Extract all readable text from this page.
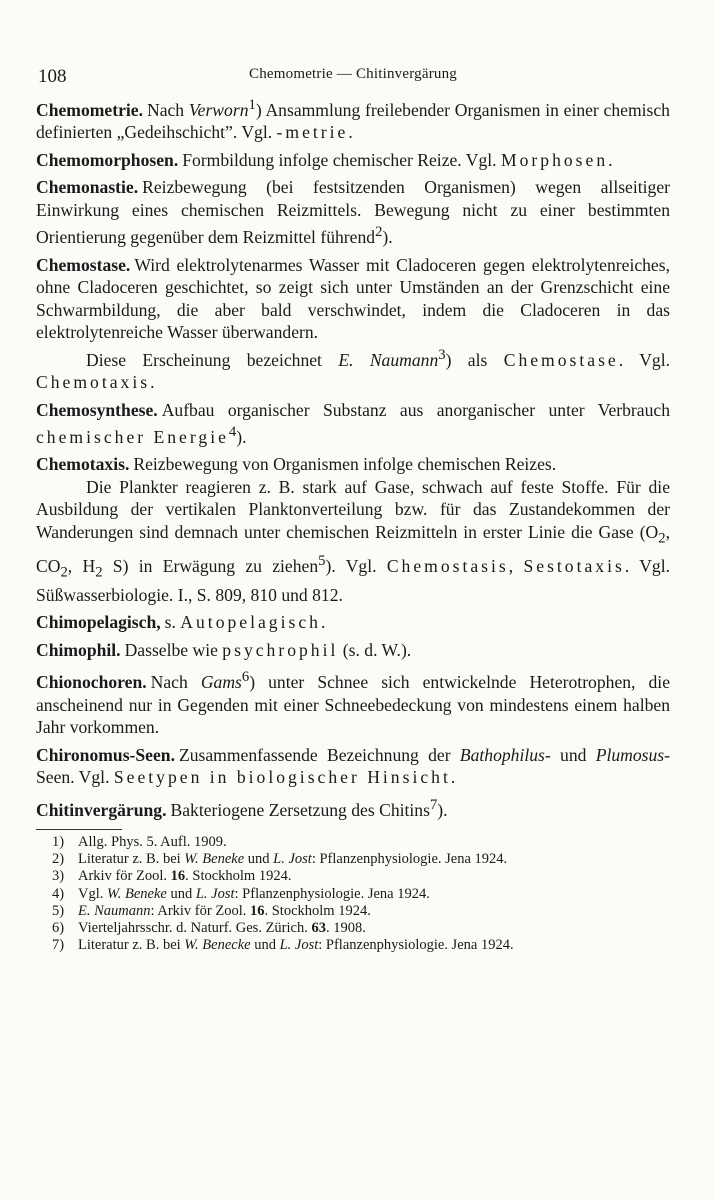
108	Chemometrie — Chitinvergärung

Chemometrie. Nach Verworn$^1$) Ansammlung freilebender Organismen in einer chemisch definierten „Gedeihschicht”. Vgl. -metrie.

Chemomorphosen. Formbildung infolge chemischer Reize. Vgl. Morphosen.

Chemonastie. Reizbewegung (bei festsitzenden Organismen) wegen allseitiger Einwirkung eines chemischen Reizmittels. Bewegung nicht zu einer bestimmten Orientierung gegenüber dem Reizmittel führend$^2$).

Chemostase. Wird elektrolytenarmes Wasser mit Cladoceren gegen elektrolytenreiches, ohne Cladoceren geschichtet, so zeigt sich unter Umständen an der Grenzschicht eine Schwarmbildung, die aber bald verschwindet, indem die Cladoceren in das elektrolytenreiche Wasser überwandern.

Diese Erscheinung bezeichnet E. Naumann$^3$) als Chemostase. Vgl. Chemotaxis.

Chemosynthese. Aufbau organischer Substanz aus anorganischer unter Verbrauch chemischer Energie$^4$).

Chemotaxis. Reizbewegung von Organismen infolge chemischen Reizes.

Die Plankter reagieren z. B. stark auf Gase, schwach auf feste Stoffe. Für die Ausbildung der vertikalen Planktonverteilung bzw. für das Zustandekommen der Wanderungen sind demnach unter chemischen Reizmitteln in erster Linie die Gase ($O_2$, $CO_2$, $H_2$ S) in Erwägung zu ziehen$^5$). Vgl. Chemostasis, Sestotaxis. Vgl. Süßwasserbiologie. I., S. 809, 810 und 812.

Chimopelagisch, s. Autopelagisch.

Chimophil. Dasselbe wie psychrophil (s. d. W.).

Chionochoren. Nach Gams$^6$) unter Schnee sich entwickelnde Heterotrophen, die anscheinend nur in Gegenden mit einer Schneebedeckung von mindestens einem halben Jahr vorkommen.

Chironomus-Seen. Zusammenfassende Bezeichnung der Bathophilus- und Plumosus-Seen. Vgl. Seetypen in biologischer Hinsicht.

Chitinvergärung. Bakteriogene Zersetzung des Chitins$^7$).

1) Allg. Phys. 5. Aufl. 1909.
2) Literatur z. B. bei W. Beneke und L. Jost: Pflanzenphysiologie. Jena 1924.
3) Arkiv för Zool. 16. Stockholm 1924.
4) Vgl. W. Beneke und L. Jost: Pflanzenphysiologie. Jena 1924.
5) E. Naumann: Arkiv för Zool. 16. Stockholm 1924.
6) Vierteljahrsschr. d. Naturf. Ges. Zürich. 63. 1908.
7) Literatur z. B. bei W. Benecke und L. Jost: Pflanzenphysiologie. Jena 1924.
